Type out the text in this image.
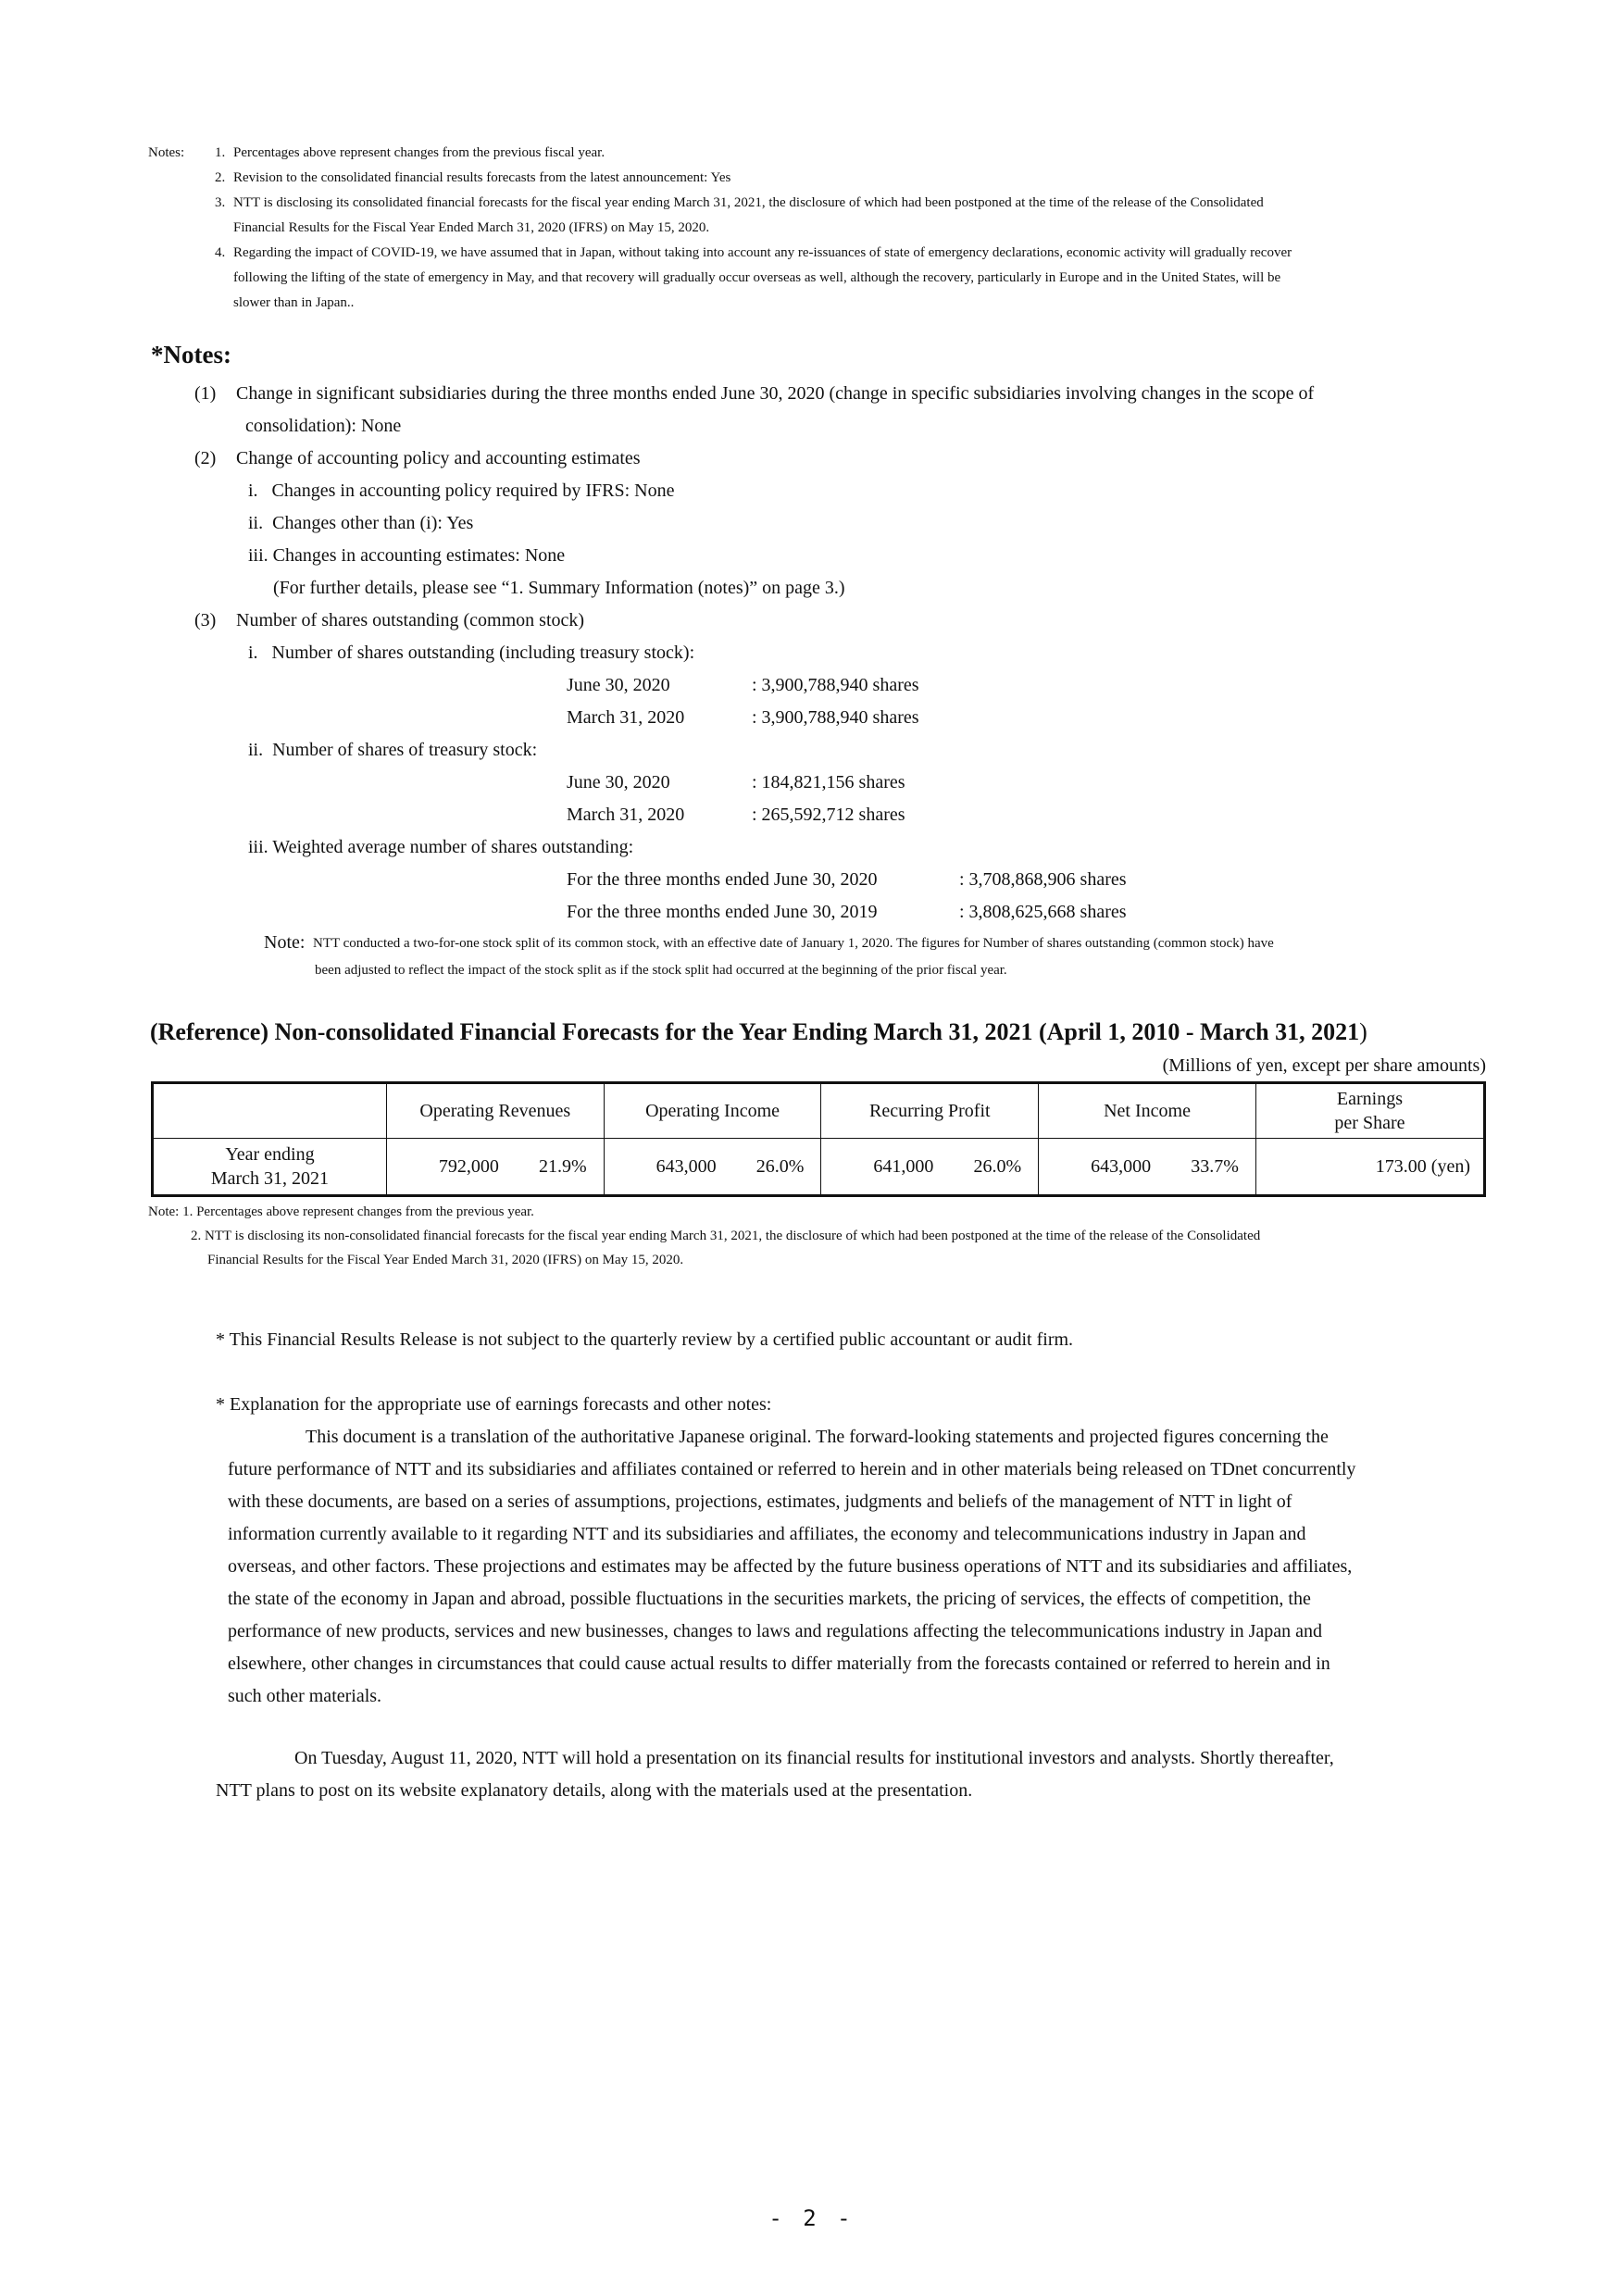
Notes: 1. Percentages above represent changes from the previous fiscal year.
2. Revision to the consolidated financial results forecasts from the latest announcement: Yes
3. NTT is disclosing its consolidated financial forecasts for the fiscal year ending March 31, 2021, the disclosure of which had been postponed at the time of the release of the Consolidated
Financial Results for the Fiscal Year Ended March 31, 2020 (IFRS) on May 15, 2020.
4. Regarding the impact of COVID-19, we have assumed that in Japan, without taking into account any re-issuances of state of emergency declarations, economic activity will gradually recover
following the lifting of the state of emergency in May, and that recovery will gradually occur overseas as well, although the recovery, particularly in Europe and in the United States, will be
slower than in Japan..
*Notes:
(1) Change in significant subsidiaries during the three months ended June 30, 2020 (change in specific subsidiaries involving changes in the scope of
consolidation): None
(2) Change of accounting policy and accounting estimates
i.   Changes in accounting policy required by IFRS: None
ii.  Changes other than (i): Yes
iii. Changes in accounting estimates: None
(For further details, please see “1. Summary Information (notes)” on page 3.)
(3) Number of shares outstanding (common stock)
i.   Number of shares outstanding (including treasury stock):
June 30, 2020	: 3,900,788,940 shares
March 31, 2020	: 3,900,788,940 shares
ii.  Number of shares of treasury stock:
June 30, 2020	: 184,821,156 shares
March 31, 2020	: 265,592,712 shares
iii. Weighted average number of shares outstanding:
For the three months ended June 30, 2020	: 3,708,868,906 shares
For the three months ended June 30, 2019	: 3,808,625,668 shares
Note: NTT conducted a two-for-one stock split of its common stock, with an effective date of January 1, 2020. The figures for Number of shares outstanding (common stock) have
been adjusted to reflect the impact of the stock split as if the stock split had occurred at the beginning of the prior fiscal year.
(Reference) Non-consolidated Financial Forecasts for the Year Ending March 31, 2021 (April 1, 2010 - March 31, 2021)
(Millions of yen, except per share amounts)
	Operating Revenues	Operating Income	Recurring Profit	Net Income	Earnings
per Share
Year ending
March 31, 2021	792,000 21.9%	643,000 26.0%	641,000 26.0%	643,000 33.7%	173.00 (yen)
Note: 1. Percentages above represent changes from the previous year.
2. NTT is disclosing its non-consolidated financial forecasts for the fiscal year ending March 31, 2021, the disclosure of which had been postponed at the time of the release of the Consolidated
Financial Results for the Fiscal Year Ended March 31, 2020 (IFRS) on May 15, 2020.
* This Financial Results Release is not subject to the quarterly review by a certified public accountant or audit firm.
* Explanation for the appropriate use of earnings forecasts and other notes:
This document is a translation of the authoritative Japanese original. The forward-looking statements and projected figures concerning the
future performance of NTT and its subsidiaries and affiliates contained or referred to herein and in other materials being released on TDnet concurrently
with these documents, are based on a series of assumptions, projections, estimates, judgments and beliefs of the management of NTT in light of
information currently available to it regarding NTT and its subsidiaries and affiliates, the economy and telecommunications industry in Japan and
overseas, and other factors. These projections and estimates may be affected by the future business operations of NTT and its subsidiaries and affiliates,
the state of the economy in Japan and abroad, possible fluctuations in the securities markets, the pricing of services, the effects of competition, the
performance of new products, services and new businesses, changes to laws and regulations affecting the telecommunications industry in Japan and
elsewhere, other changes in circumstances that could cause actual results to differ materially from the forecasts contained or referred to herein and in
such other materials.
On Tuesday, August 11, 2020, NTT will hold a presentation on its financial results for institutional investors and analysts. Shortly thereafter,
NTT plans to post on its website explanatory details, along with the materials used at the presentation.
- 2 -
